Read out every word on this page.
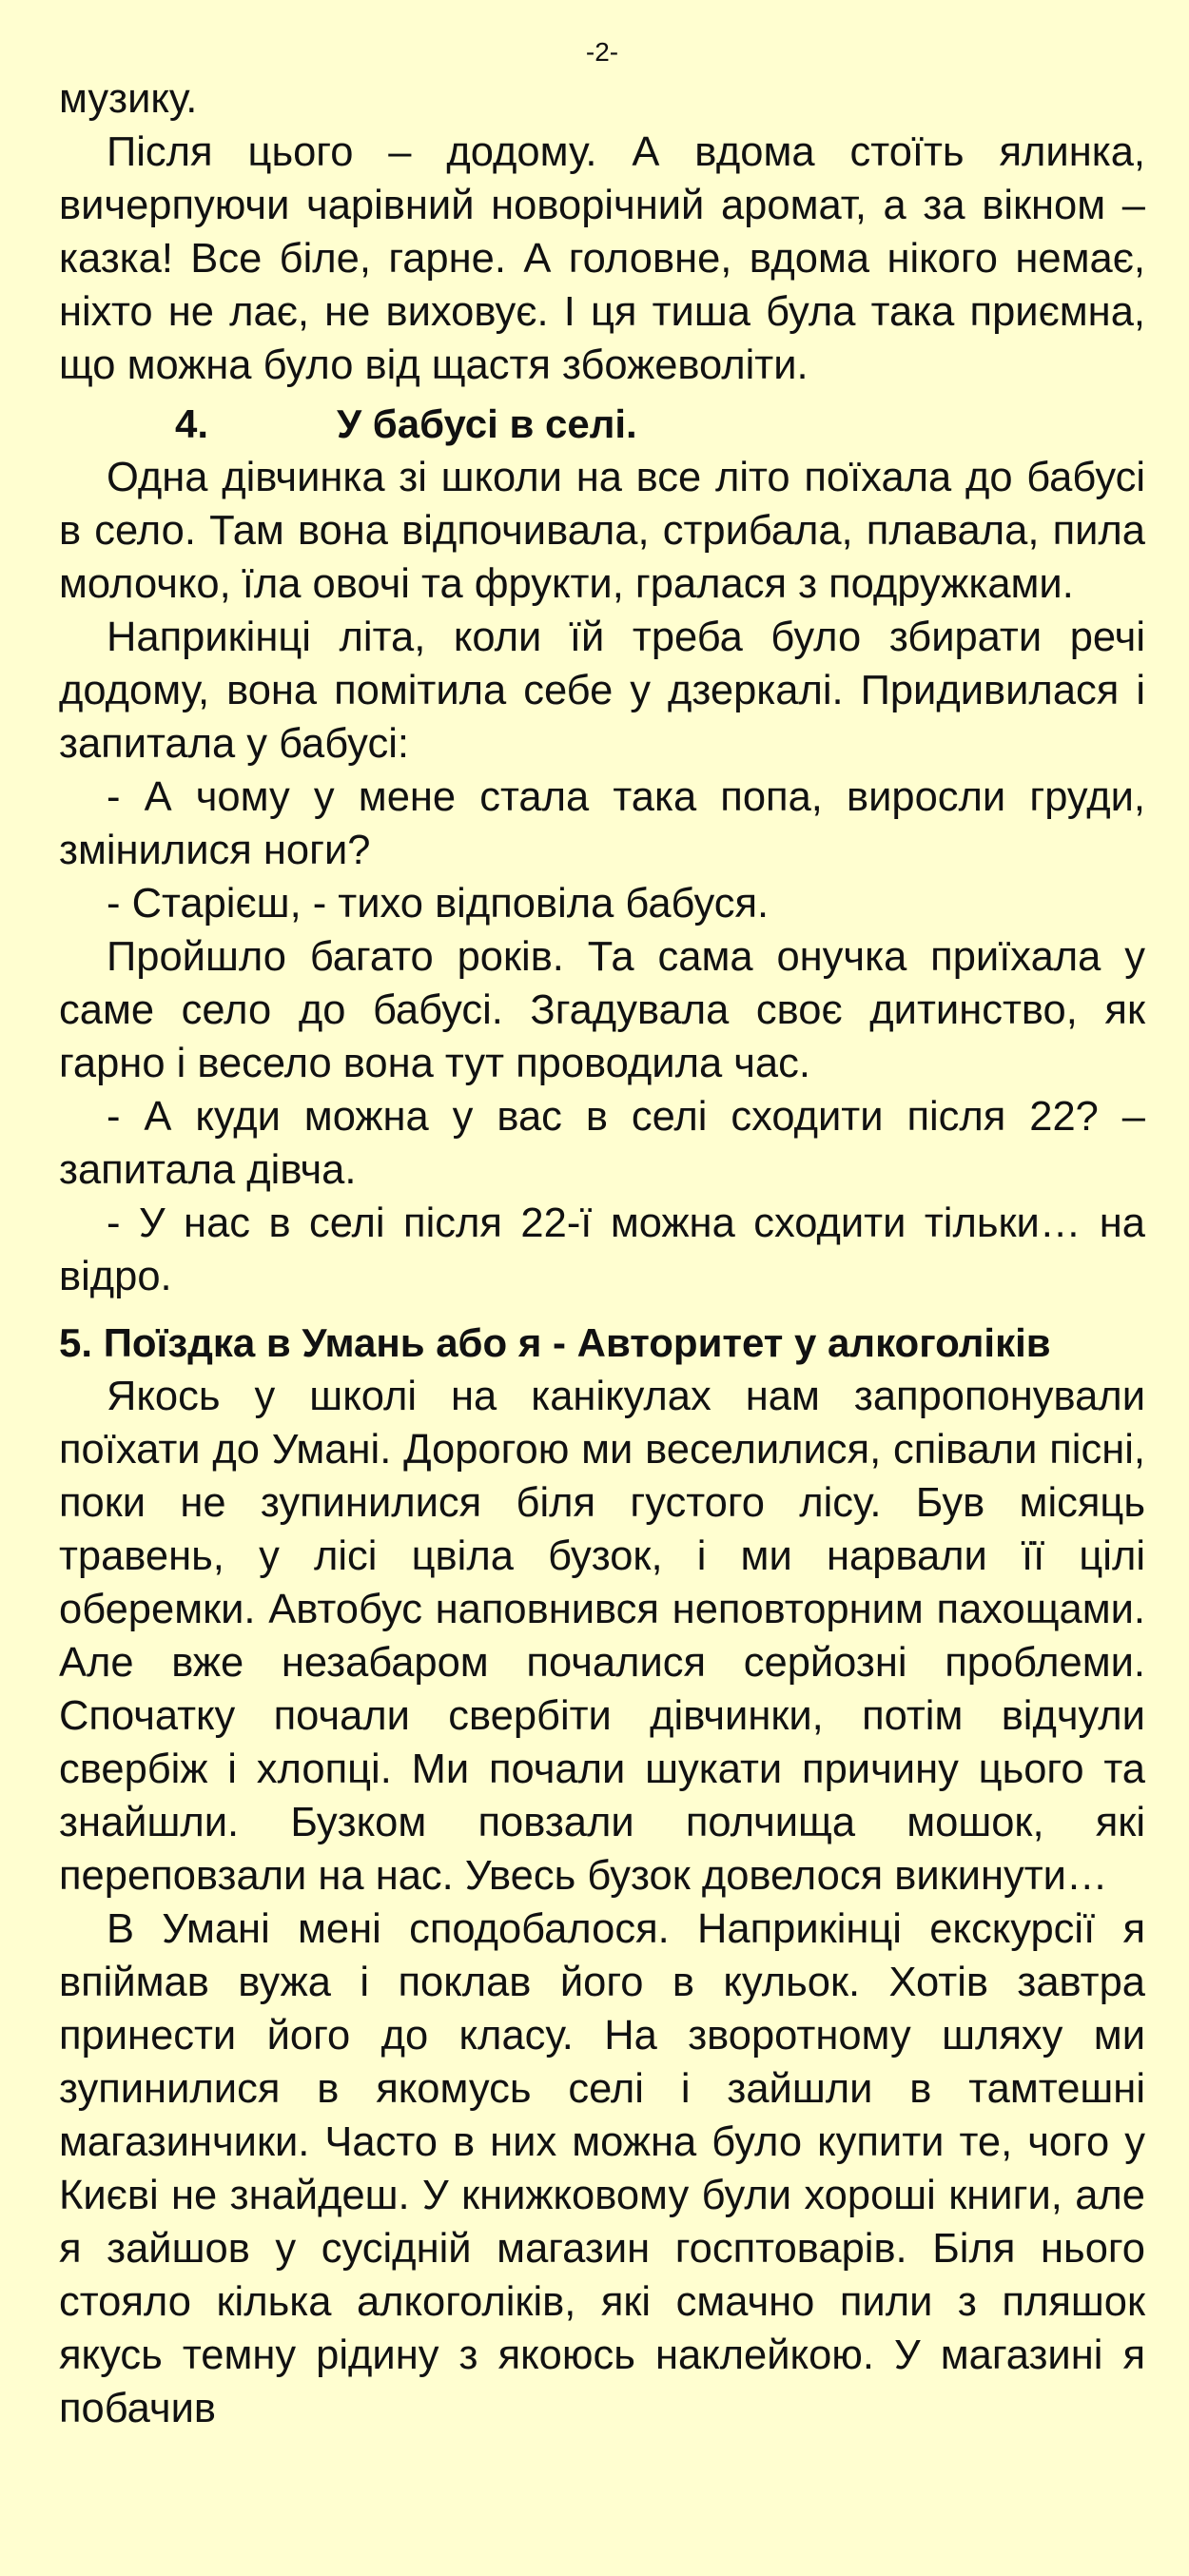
-2-

музику.

Після цього – додому. А вдома стоїть ялинка, вичерпуючи чарівний новорічний аромат, а за вікном – казка! Все біле, гарне. А головне, вдома нікого немає, ніхто не лає, не виховує. І ця тиша була така приємна, що можна було від щастя збожеволіти.

4.	У бабусі в селі.

Одна дівчинка зі школи на все літо поїхала до бабусі в село. Там вона відпочивала, стрибала, плавала, пила молочко, їла овочі та фрукти, гралася з подружками.

Наприкінці літа, коли їй треба було збирати речі додому, вона помітила себе у дзеркалі. Придивилася і запитала у бабусі:

- А чому у мене стала така попа, виросли груди, змінилися ноги?

- Старієш, - тихо відповіла бабуся.

Пройшло багато років. Та сама онучка приїхала у саме село до бабусі. Згадувала своє дитинство, як гарно і весело вона тут проводила час.

- А куди можна у вас в селі сходити після 22? – запитала дівча.

- У нас в селі після 22-ї можна сходити тільки… на відро.

5. Поїздка в Умань або я - Авторитет у алкоголіків

Якось у школі на канікулах нам запропонували поїхати до Умані. Дорогою ми веселилися, співали пісні, поки не зупинилися біля густого лісу. Був місяць травень, у лісі цвіла бузок, і ми нарвали її цілі оберемки. Автобус наповнився неповторним пахощами. Але вже незабаром почалися серйозні проблеми. Спочатку почали свербіти дівчинки, потім відчули свербіж і хлопці. Ми почали шукати причину цього та знайшли. Бузком повзали полчища мошок, які переповзали на нас. Увесь бузок довелося викинути…

В Умані мені сподобалося. Наприкінці екскурсії я впіймав вужа і поклав його в кульок. Хотів завтра принести його до класу. На зворотному шляху ми зупинилися в якомусь селі і зайшли в тамтешні магазинчики. Часто в них можна було купити те, чого у Києві не знайдеш. У книжковому були хороші книги, але я зайшов у сусідній магазин госптоварів. Біля нього стояло кілька алкоголіків, які смачно пили з пляшок якусь темну рідину з якоюсь наклейкою. У магазині я побачив
